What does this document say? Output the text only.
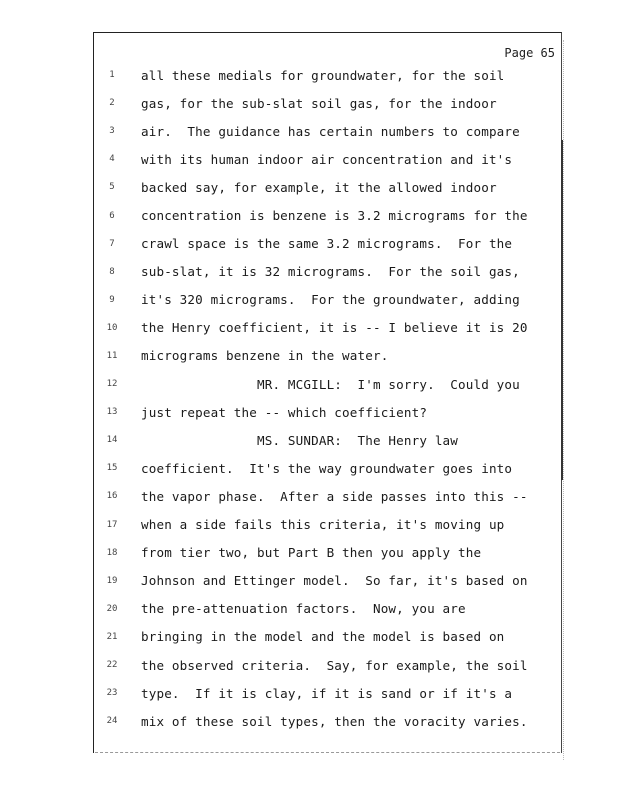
Page 65
1	all these medials for groundwater, for the soil
2	gas, for the sub-slat soil gas, for the indoor
3	air.  The guidance has certain numbers to compare
4	with its human indoor air concentration and it's
5	backed say, for example, it the allowed indoor
6	concentration is benzene is 3.2 micrograms for the
7	crawl space is the same 3.2 micrograms.  For the
8	sub-slat, it is 32 micrograms.  For the soil gas,
9	it's 320 micrograms.  For the groundwater, adding
10	the Henry coefficient, it is -- I believe it is 20
11	micrograms benzene in the water.
12	MR. MCGILL:  I'm sorry.  Could you
13	just repeat the -- which coefficient?
14	MS. SUNDAR:  The Henry law
15	coefficient.  It's the way groundwater goes into
16	the vapor phase.  After a side passes into this --
17	when a side fails this criteria, it's moving up
18	from tier two, but Part B then you apply the
19	Johnson and Ettinger model.  So far, it's based on
20	the pre-attenuation factors.  Now, you are
21	bringing in the model and the model is based on
22	the observed criteria.  Say, for example, the soil
23	type.  If it is clay, if it is sand or if it's a
24	mix of these soil types, then the voracity varies.
